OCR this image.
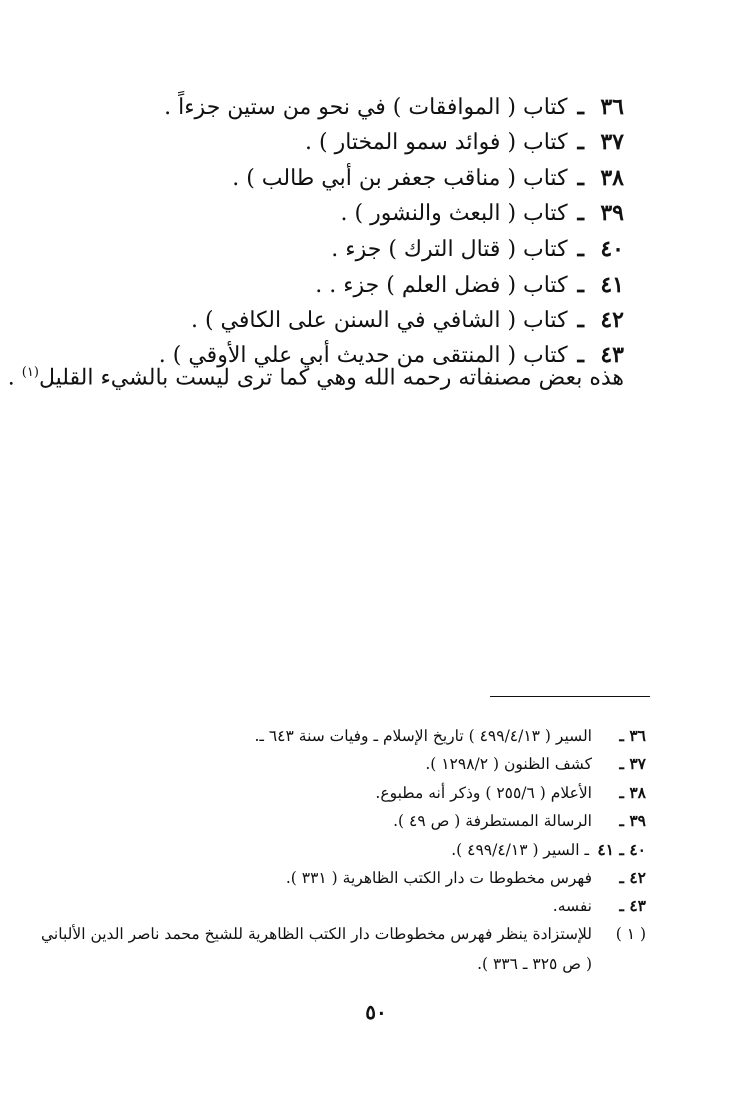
٣٦ـكتاب ( الموافقات ) في نحو من ستين جزءاً .
٣٧ـكتاب ( فوائد سمو المختار ) .
٣٨ـكتاب ( مناقب جعفر بن أبي طالب ) .
٣٩ـكتاب ( البعث والنشور ) .
٤٠ـكتاب ( قتال الترك ) جزء .
٤١ـكتاب ( فضل العلم ) جزء . .
٤٢ـكتاب ( الشافي في السنن على الكافي ) .
٤٣ـكتاب ( المنتقى من حديث أبي علي الأوقي ) .
هذه بعض مصنفاته رحمه الله وهي كما ترى ليست بالشيء القليل$^{(١)}$ .
٣٦ ـ
السير ( ٤٩٩/٤/١٣ ) تاريخ الإسلام ـ وفيات سنة ٦٤٣ ـ.
٣٧ ـ
كشف الظنون ( ١٢٩٨/٢ ).
٣٨ ـ
الأعلام ( ٢٥٥/٦ ) وذكر أنه مطبوع.
٣٩ ـ
الرسالة المستطرفة ( ص ٤٩ ).
٤٠ ـ ٤١
ـ السير ( ٤٩٩/٤/١٣ ).
٤٢ ـ
فهرس مخطوطا ت دار الكتب الظاهرية ( ٣٣١ ).
٤٣ ـ
نفسه.
( ١ )
للإستزادة ينظر فهرس مخطوطات دار الكتب الظاهرية للشيخ محمد ناصر الدين الألباني
( ص ٣٢٥ ـ ٣٣٦ ).
٥٠
